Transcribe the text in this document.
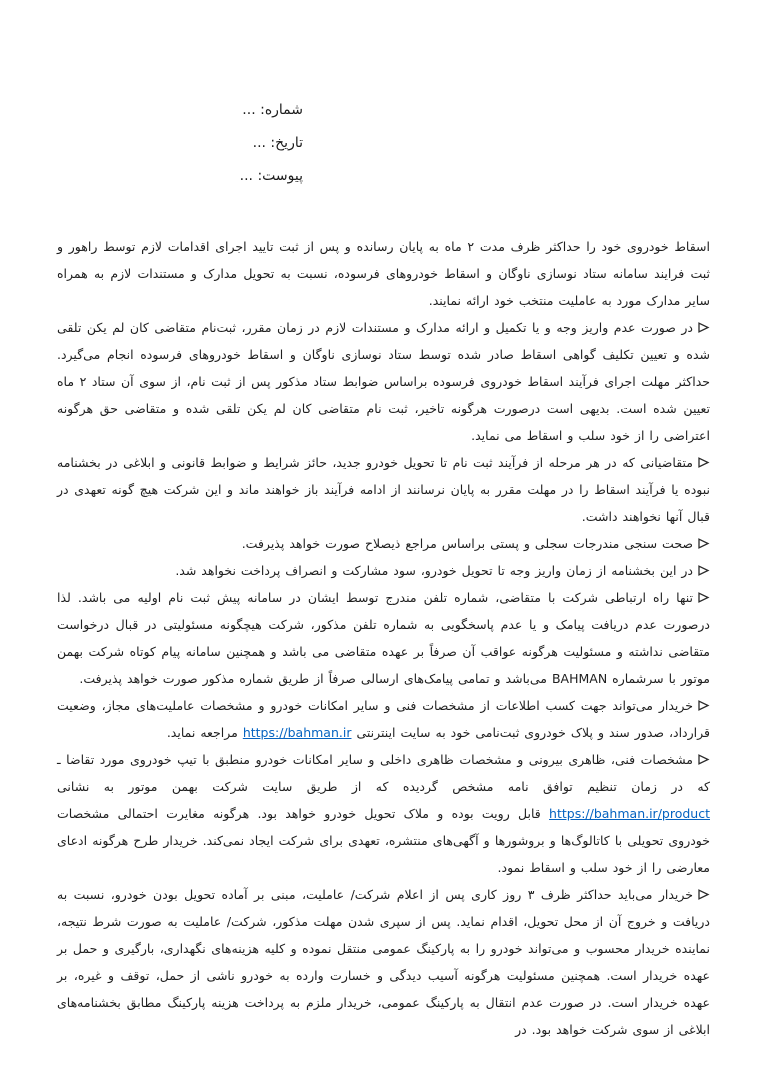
شماره: ...
تاریخ: ...
پیوست: ...

اسقاط خودروی خود را حداکثر ظرف مدت ۲ ماه به پایان رسانده و پس از ثبت تایید اجرای اقدامات لازم توسط راهور و ثبت فرایند سامانه ستاد نوسازی ناوگان و اسقاط خودروهای فرسوده، نسبت به تحویل مدارک و مستندات لازم به همراه سایر مدارک مورد به عاملیت منتخب خود ارائه نمایند.

در صورت عدم واریز وجه و یا تکمیل و ارائه مدارک و مستندات لازم در زمان مقرر، ثبت‌نام متقاضی کان لم یکن تلقی شده و تعیین تکلیف گواهی اسقاط صادر شده توسط ستاد نوسازی ناوگان و اسقاط خودروهای فرسوده انجام می‌گیرد. حداکثر مهلت اجرای فرآیند اسقاط خودروی فرسوده براساس ضوابط ستاد مذکور پس از ثبت نام، از سوی آن ستاد ۲ ماه تعیین شده است. بدیهی است درصورت هرگونه تاخیر، ثبت نام متقاضی کان لم یکن تلقی شده و متقاضی حق هرگونه اعتراضی را از خود سلب و اسقاط می نماید.

متقاضیانی که در هر مرحله از فرآیند ثبت نام تا تحویل خودرو جدید، حائز شرایط و ضوابط قانونی و ابلاغی در بخشنامه نبوده یا فرآیند اسقاط را در مهلت مقرر به پایان نرسانند از ادامه فرآیند باز خواهند ماند و این شرکت هیچ گونه تعهدی در قبال آنها نخواهند داشت.

صحت سنجی مندرجات سجلی و پستی براساس مراجع ذیصلاح صورت خواهد پذیرفت.

در این بخشنامه از زمان واریز وجه تا تحویل خودرو، سود مشارکت و انصراف پرداخت نخواهد شد.

تنها راه ارتباطی شرکت با متقاضی، شماره تلفن مندرج توسط ایشان در سامانه پیش ثبت نام اولیه می باشد. لذا درصورت عدم دریافت پیامک و یا عدم پاسخگویی به شماره تلفن مذکور، شرکت هیچگونه مسئولیتی در قبال درخواست متقاضی نداشته و مسئولیت هرگونه عواقب آن صرفاً بر عهده متقاضی می باشد و همچنین سامانه پیام کوتاه شرکت بهمن موتور با سرشماره BAHMAN می‌باشد و تمامی پیامک‌های ارسالی صرفاً از طریق شماره مذکور صورت خواهد پذیرفت.

خریدار می‌تواند جهت کسب اطلاعات از مشخصات فنی و سایر امکانات خودرو و مشخصات عاملیت‌های مجاز، وضعیت قرارداد، صدور سند و پلاک خودروی ثبت‌نامی خود به سایت اینترنتی https://bahman.ir مراجعه نماید.

مشخصات فنی، ظاهری بیرونی و مشخصات ظاهری داخلی و سایر امکانات خودرو منطبق با تیپ خودروی مورد تقاضا ـ که در زمان تنظیم توافق نامه مشخص گردیده که از طریق سایت شرکت بهمن موتور به نشانی https://bahman.ir/product قابل رویت بوده و ملاک تحویل خودرو خواهد بود. هرگونه مغایرت احتمالی مشخصات خودروی تحویلی با کاتالوگ‌ها و بروشورها و آگهی‌های منتشره، تعهدی برای شرکت ایجاد نمی‌کند. خریدار طرح هرگونه ادعای معارضی را از خود سلب و اسقاط نمود.

خریدار می‌باید حداکثر ظرف ۳ روز کاری پس از اعلام شرکت/ عاملیت، مبنی بر آماده تحویل بودن خودرو، نسبت به دریافت و خروج آن از محل تحویل، اقدام نماید. پس از سپری شدن مهلت مذکور، شرکت/ عاملیت به صورت شرط نتیجه، نماینده خریدار محسوب و می‌تواند خودرو را به پارکینگ عمومی منتقل نموده و کلیه هزینه‌های نگهداری، بارگیری و حمل بر عهده خریدار است. همچنین مسئولیت هرگونه آسیب دیدگی و خسارت وارده به خودرو ناشی از حمل، توقف و غیره، بر عهده خریدار است. در صورت عدم انتقال به پارکینگ عمومی، خریدار ملزم به پرداخت هزینه پارکینگ مطابق بخشنامه‌های ابلاغی از سوی شرکت خواهد بود. در
